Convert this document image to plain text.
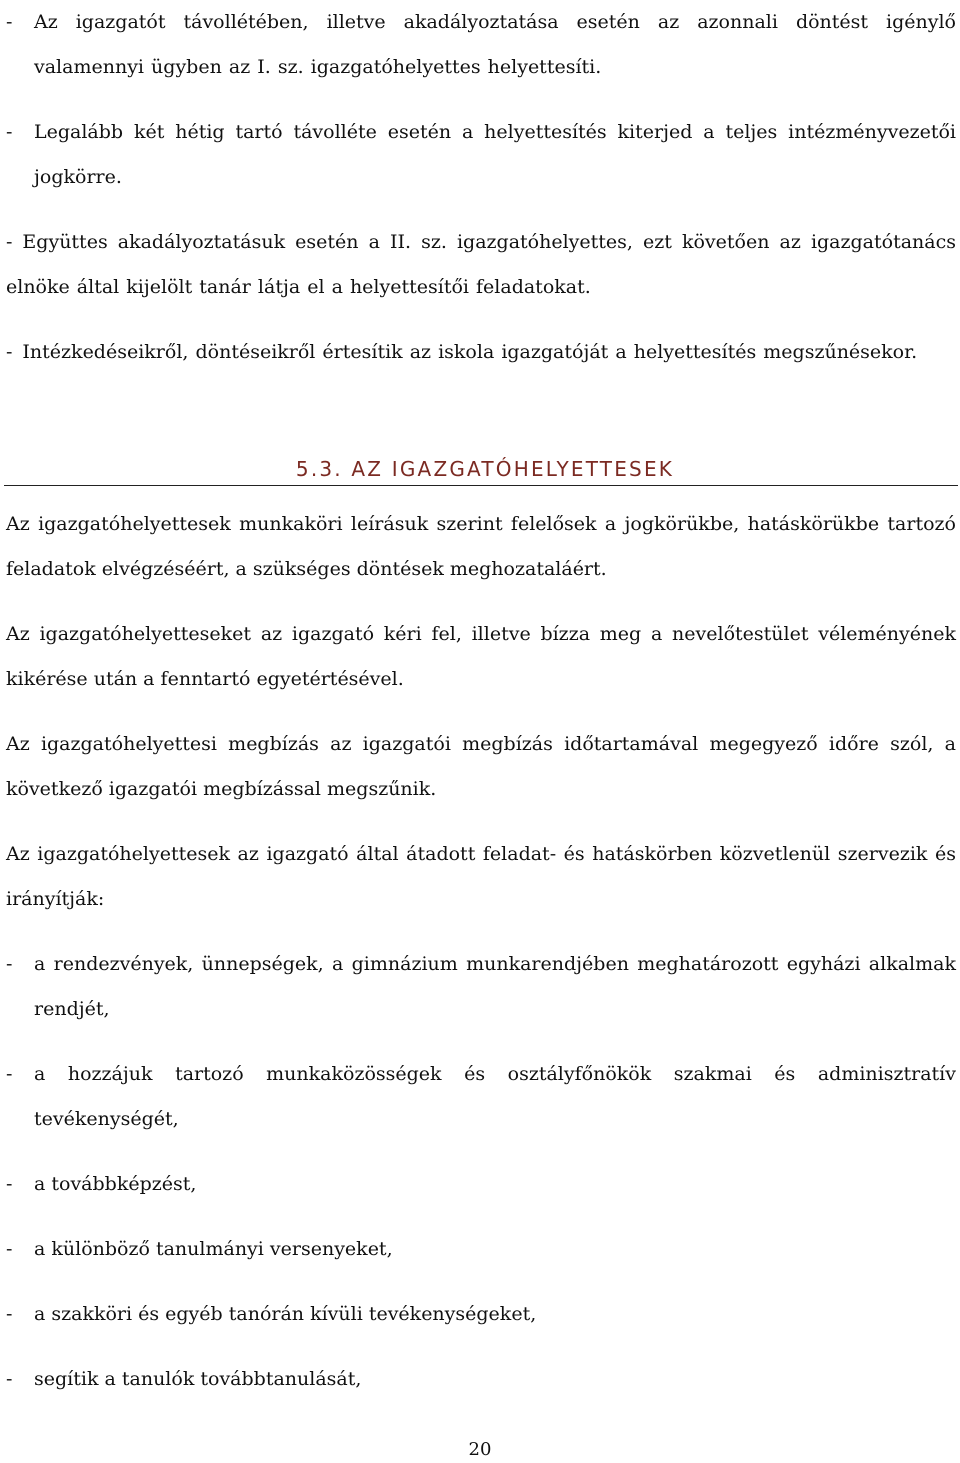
- Az igazgatót távollétében, illetve akadályoztatása esetén az azonnali döntést igénylő valamennyi ügyben az I. sz. igazgatóhelyettes helyettesíti.
- Legalább két hétig tartó távolléte esetén a helyettesítés kiterjed a teljes intézményvezetői jogkörre.
- Együttes akadályoztatásuk esetén a II. sz. igazgatóhelyettes, ezt követően az igazgatótanács elnöke által kijelölt tanár látja el a helyettesítői feladatokat.
- Intézkedéseikről, döntéseikről értesítik az iskola igazgatóját a helyettesítés megszűnésekor.
5.3. AZ IGAZGATÓHELYETTESEK

Az igazgatóhelyettesek munkaköri leírásuk szerint felelősek a jogkörükbe, hatáskörükbe tartozó feladatok elvégzéséért, a szükséges döntések meghozataláért.

Az igazgatóhelyetteseket az igazgató kéri fel, illetve bízza meg a nevelőtestület véleményének kikérése után a fenntartó egyetértésével.

Az igazgatóhelyettesi megbízás az igazgatói megbízás időtartamával megegyező időre szól, a következő igazgatói megbízással megszűnik.

Az igazgatóhelyettesek az igazgató által átadott feladat- és hatáskörben közvetlenül szervezik és irányítják:

- a rendezvények, ünnepségek, a gimnázium munkarendjében meghatározott egyházi alkalmak rendjét,
- a hozzájuk tartozó munkaközösségek és osztályfőnökök szakmai és adminisztratív tevékenységét,
- a továbbképzést,
- a különböző tanulmányi versenyeket,
- a szakköri és egyéb tanórán kívüli tevékenységeket,
- segítik a tanulók továbbtanulását,
20
